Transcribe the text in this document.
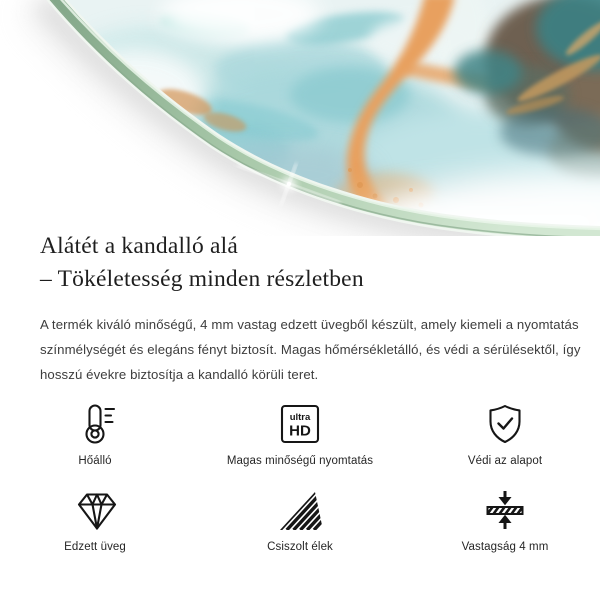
Alátét a kandalló alá
– Tökéletesség minden részletben
A termék kiváló minőségű, 4 mm vastag edzett üvegből készült, amely kiemeli a nyomtatás
színmélységét és elegáns fényt biztosít. Magas hőmérsékletálló, és védi a sérülésektől, így
hosszú évekre biztosítja a kandalló körüli teret.
Hőálló
ultra
HD
Magas minőségű nyomtatás	Védi az alapot
Edzett üveg	Csiszolt élek	Vastagság 4 mm
